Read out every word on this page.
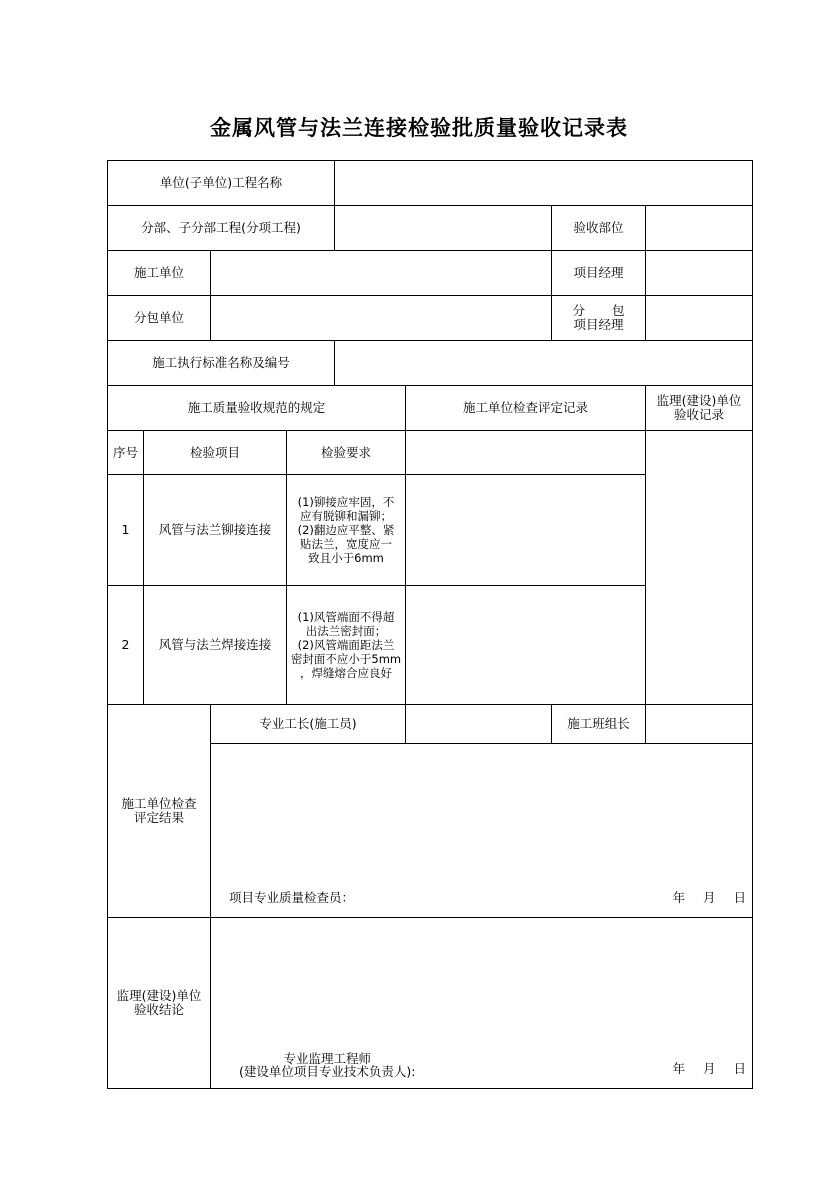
金属风管与法兰连接检验批质量验收记录表
单位(子单位)工程名称							
分部、子分部工程(分项工程)						验收部位	
施工单位						项目经理	
分包单位						分 包
项目经理	

施工执行标准名称及编号							
施工质量验收规范的规定					施工单位检查评定记录		监理(建设)单位
验收记录

序号	检验项目		检验要求				
1	风管与法兰铆接连接		(1)铆接应牢固，不
应有脱铆和漏铆；
(2)翻边应平整、紧
贴法兰，宽度应一
致且小于6mm				

2	风管与法兰焊接连接		(1)风管端面不得超
出法兰密封面；
(2)风管端面距法兰
密封面不应小于5mm
，焊缝熔合应良好				

施工单位检查
评定结果		专业工长(施工员)				施工班组长	

		项目专业质量检查员： 年 月 日					

监理(建设)单位
验收结论		专业监理工程师
(建设单位项目专业技术负责人): 年 月 日					
